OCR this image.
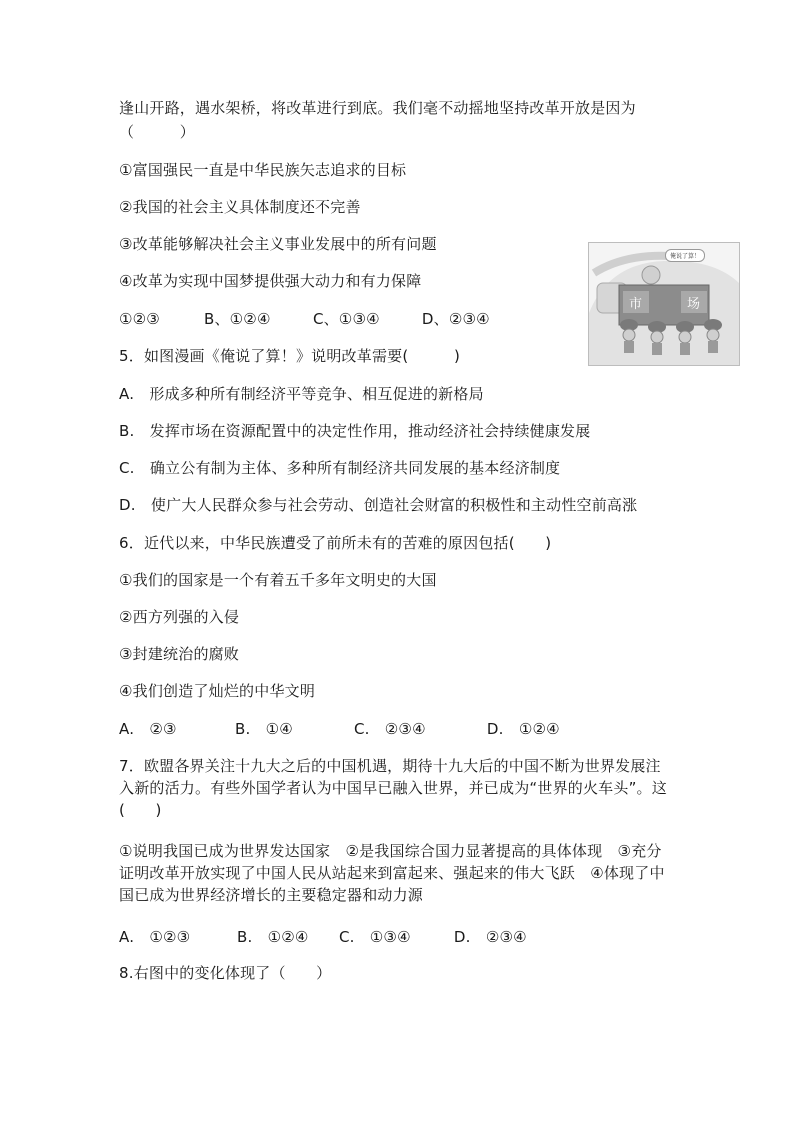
逢山开路，遇水架桥，将改革进行到底。我们毫不动摇地坚持改革开放是因为
（　　　）
①富国强民一直是中华民族矢志追求的目标
②我国的社会主义具体制度还不完善
③改革能够解决社会主义事业发展中的所有问题
④改革为实现中国梦提供强大动力和有力保障
①②③	B、①②④	C、①③④	D、②③④
俺说了算！
市	场
5．如图漫画《俺说了算！》说明改革需要(　　　)
A.　形成多种所有制经济平等竞争、相互促进的新格局
B.　发挥市场在资源配置中的决定性作用，推动经济社会持续健康发展
C.　确立公有制为主体、多种所有制经济共同发展的基本经济制度
D.　使广大人民群众参与社会劳动、创造社会财富的积极性和主动性空前高涨
6．近代以来，中华民族遭受了前所未有的苦难的原因包括(　　)
①我们的国家是一个有着五千多年文明史的大国
②西方列强的入侵
③封建统治的腐败
④我们创造了灿烂的中华文明
A.　②③	B.　①④	C.　②③④	D.　①②④
7．欧盟各界关注十九大之后的中国机遇，期待十九大后的中国不断为世界发展注入新的活力。有些外国学者认为中国早已融入世界，并已成为“世界的火车头”。这(　　)
①说明我国已成为世界发达国家　②是我国综合国力显著提高的具体体现　③充分证明改革开放实现了中国人民从站起来到富起来、强起来的伟大飞跃　④体现了中国已成为世界经济增长的主要稳定器和动力源
A.　①②③	B.　①②④ C.　①③④	D.　②③④
8.右图中的变化体现了（　　）
